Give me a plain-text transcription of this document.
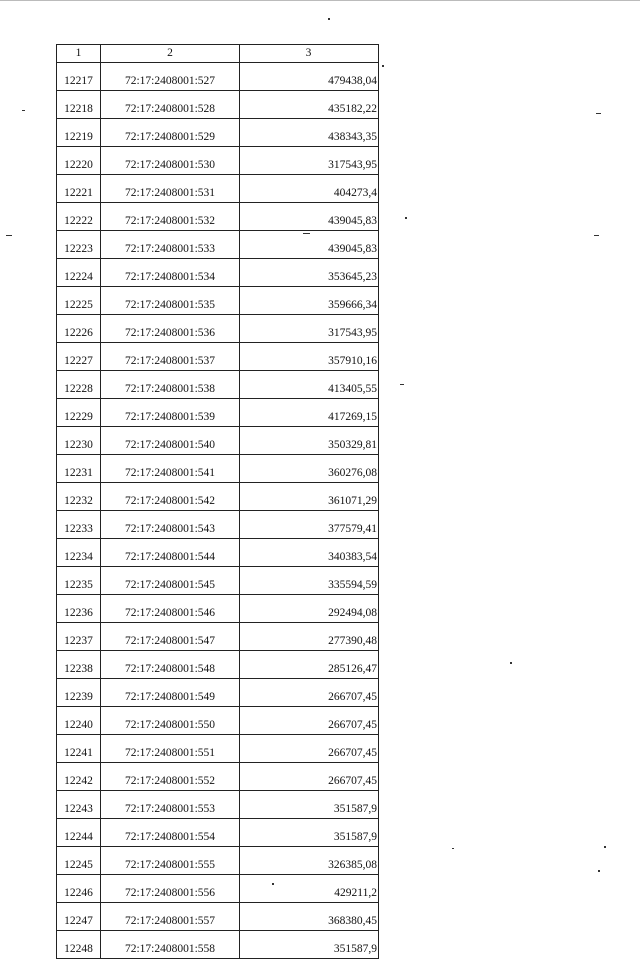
1	2	3
12217	72:17:2408001:527	479438,04
12218	72:17:2408001:528	435182,22
12219	72:17:2408001:529	438343,35
12220	72:17:2408001:530	317543,95
12221	72:17:2408001:531	404273,4
12222	72:17:2408001:532	439045,83
12223	72:17:2408001:533	439045,83
12224	72:17:2408001:534	353645,23
12225	72:17:2408001:535	359666,34
12226	72:17:2408001:536	317543,95
12227	72:17:2408001:537	357910,16
12228	72:17:2408001:538	413405,55
12229	72:17:2408001:539	417269,15
12230	72:17:2408001:540	350329,81
12231	72:17:2408001:541	360276,08
12232	72:17:2408001:542	361071,29
12233	72:17:2408001:543	377579,41
12234	72:17:2408001:544	340383,54
12235	72:17:2408001:545	335594,59
12236	72:17:2408001:546	292494,08
12237	72:17:2408001:547	277390,48
12238	72:17:2408001:548	285126,47
12239	72:17:2408001:549	266707,45
12240	72:17:2408001:550	266707,45
12241	72:17:2408001:551	266707,45
12242	72:17:2408001:552	266707,45
12243	72:17:2408001:553	351587,9
12244	72:17:2408001:554	351587,9
12245	72:17:2408001:555	326385,08
12246	72:17:2408001:556	429211,2
12247	72:17:2408001:557	368380,45
12248	72:17:2408001:558	351587,9
